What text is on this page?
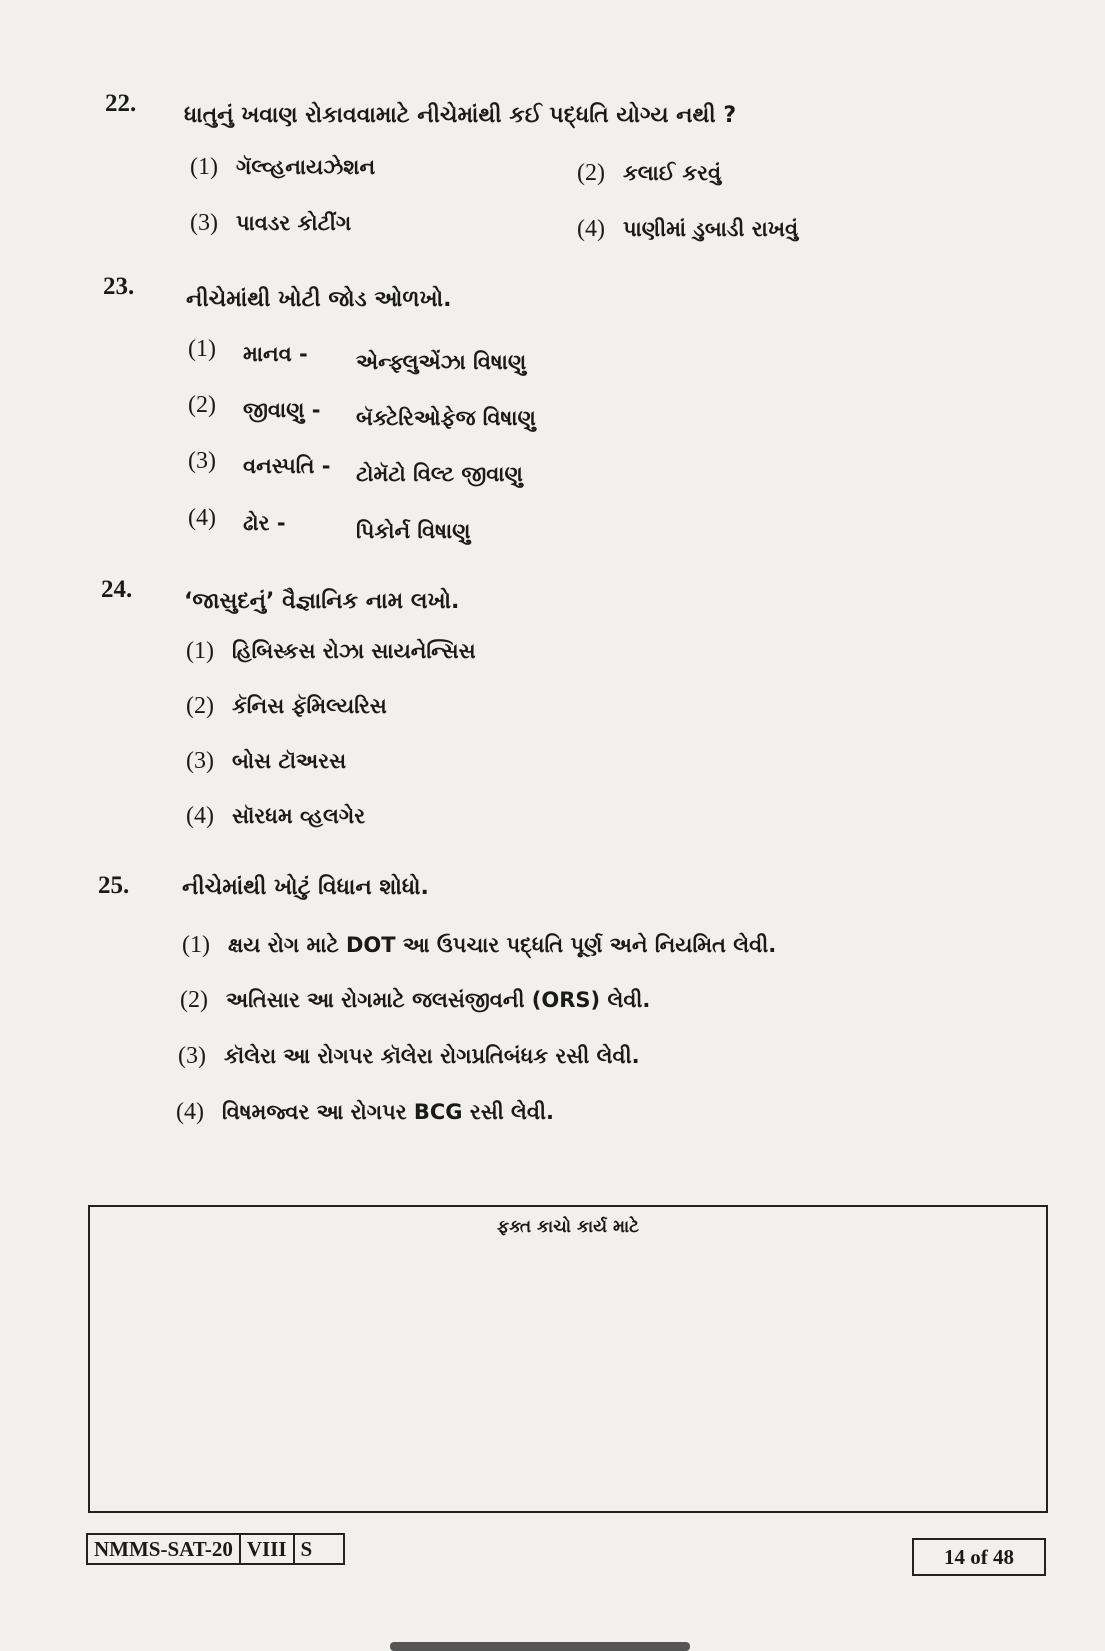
22. ધાતુનું ખવાણ રોકાવવામાટે નીચેમાંથી કઈ પદ્ધતિ યોગ્ય નથી ?
(1) ગૅલ્વ્હનાયઝેશન	(2) કલાઈ કરવું
(3) પાવડર કોટીંગ	(4) પાણીમાં ડુબાડી રાખવું
23. નીચેમાંથી ખોટી જોડ ઓળખો.
(1)	માનવ - એન્ફ્લુએંઝા વિષાણુ
(2)	જીવાણુ - બૅક્ટેરિઓફેજ વિષાણુ
(3)	વનસ્પતિ - ટોમૅટો વિલ્ટ જીવાણુ
(4)	ઢોર -	પિકોર્ન વિષાણુ
24. ‘જાસુદનું’ વૈજ્ઞાનિક નામ લખો.
(1) હિબિસ્કસ રોઝા સાયનેન્સિસ
(2) કૅનિસ ફૅમિલ્યરિસ
(3) બોસ ટૉઅરસ
(4) સૉરધમ વ્હલગેર
25. નીચેમાંથી ખોટું વિધાન શોધો.
(1) ક્ષય રોગ માટે DOT આ ઉપચાર પદ્ધતિ પૂર્ણ અને નિયમિત લેવી.
(2) અતિસાર આ રોગમાટે જલસંજીવની (ORS) લેવી.
(3) કૉલેરા આ રોગપર કૉલેરા રોગપ્રતિબંધક રસી લેવી.
(4) વિષમજ્વર આ રોગપર BCG રસી લેવી.
ફક્ત કાચો કાર્ય માટે
NMMS-SAT-20 VIII S	14 of 48
